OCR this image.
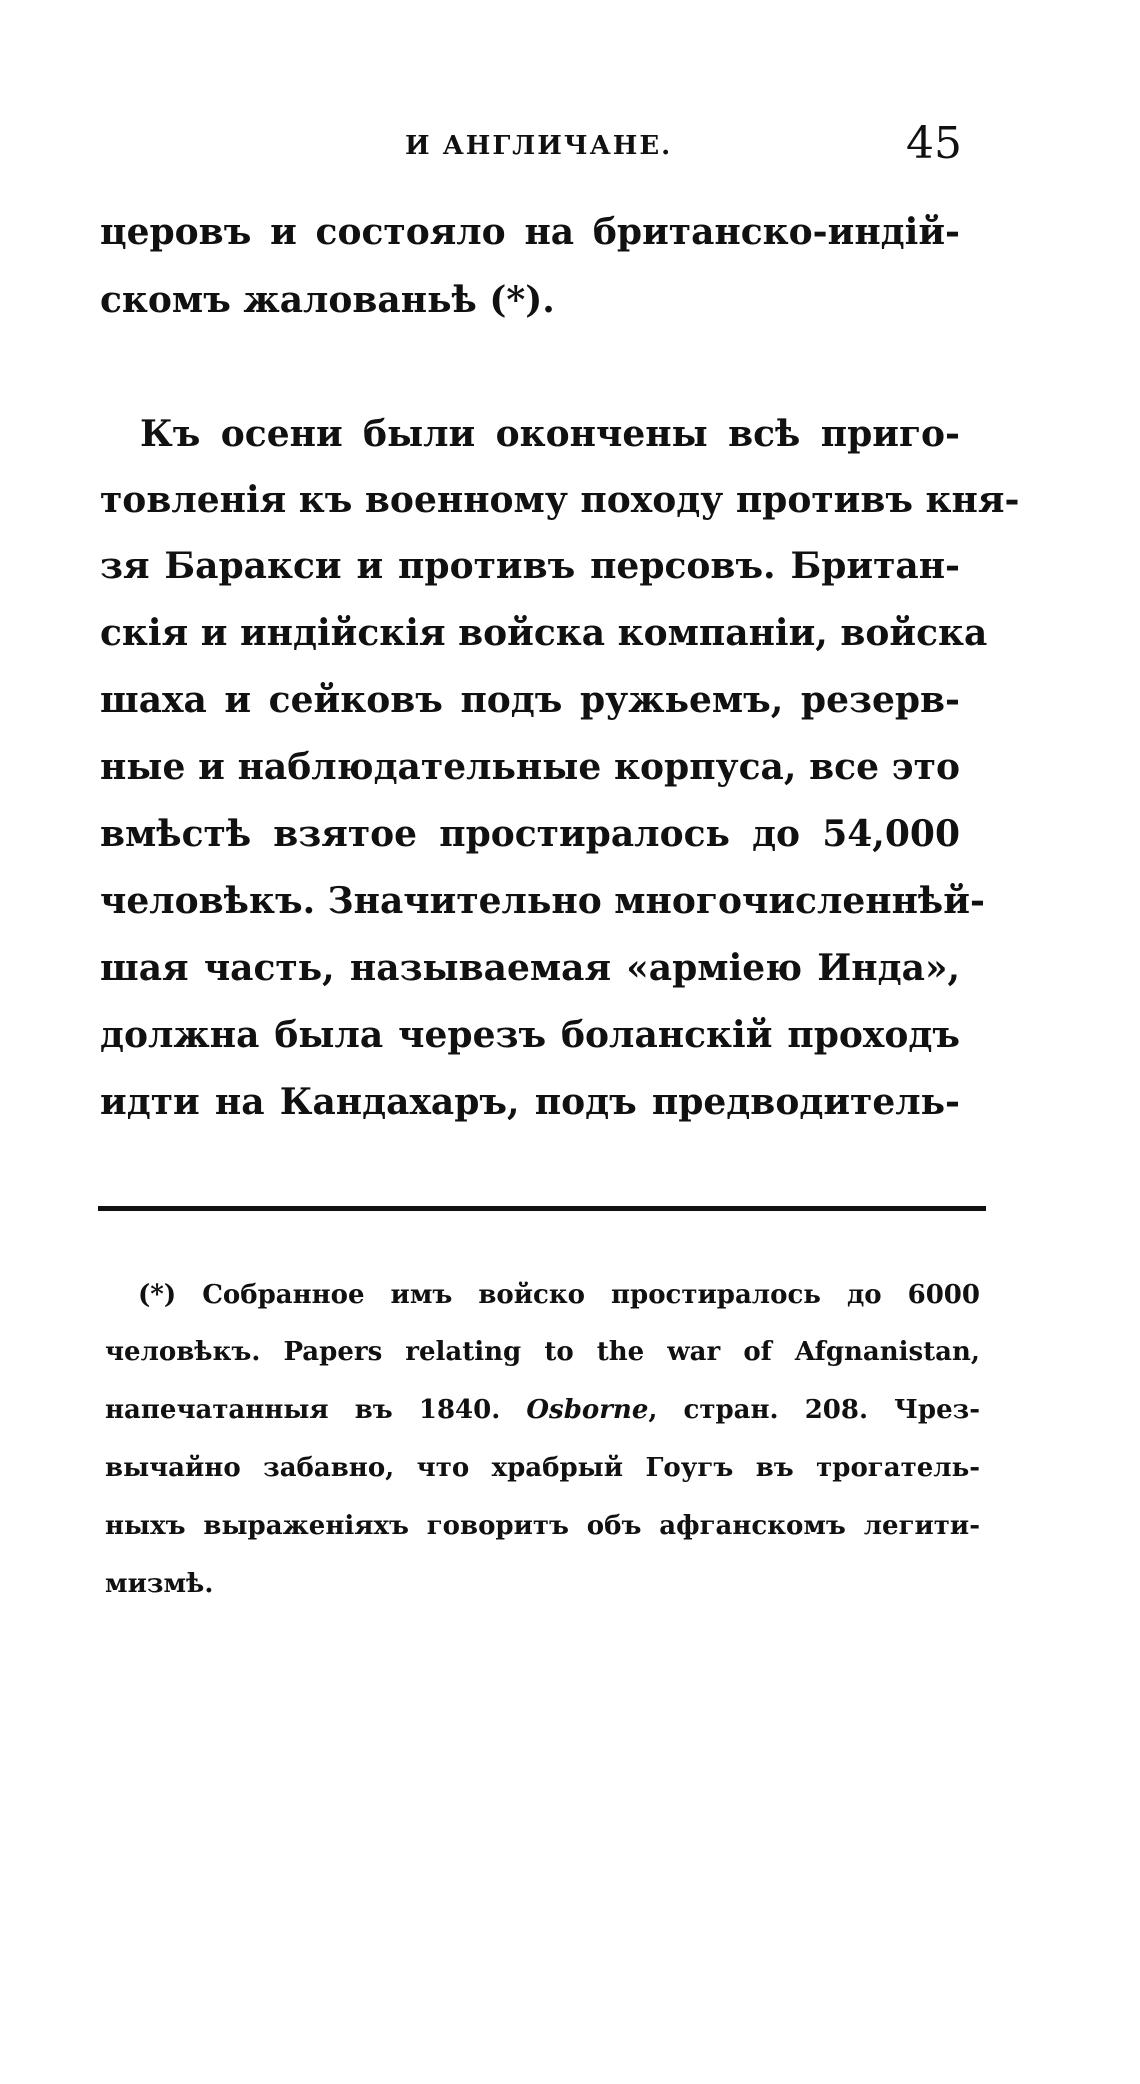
И АНГЛИЧАНЕ.	45
церовъ и состояло на британско-индій-
скомъ жалованьѣ (*).
Къ осени были окончены всѣ приго-
товленія къ военному походу противъ кня-
зя Баракси и противъ персовъ. Британ-
скія и индійскія войска компаніи, войска
шаха и сейковъ подъ ружьемъ, резерв-
ные и наблюдательные корпуса, все это
вмѣстѣ взятое простиралось до 54,000
человѣкъ. Значительно многочисленнѣй-
шая часть, называемая «арміею Инда»,
должна была черезъ боланскій проходъ
идти на Кандахаръ, подъ предводитель-
(*) Собранное имъ войско простиралось до 6000
человѣкъ. Papers relating to the war of Afgnanistan,
напечатанныя въ 1840. Osborne, стран. 208. Чрез-
вычайно забавно, что храбрый Гоугъ въ трогатель-
ныхъ выраженіяхъ говоритъ объ афганскомъ легити-
мизмѣ.
